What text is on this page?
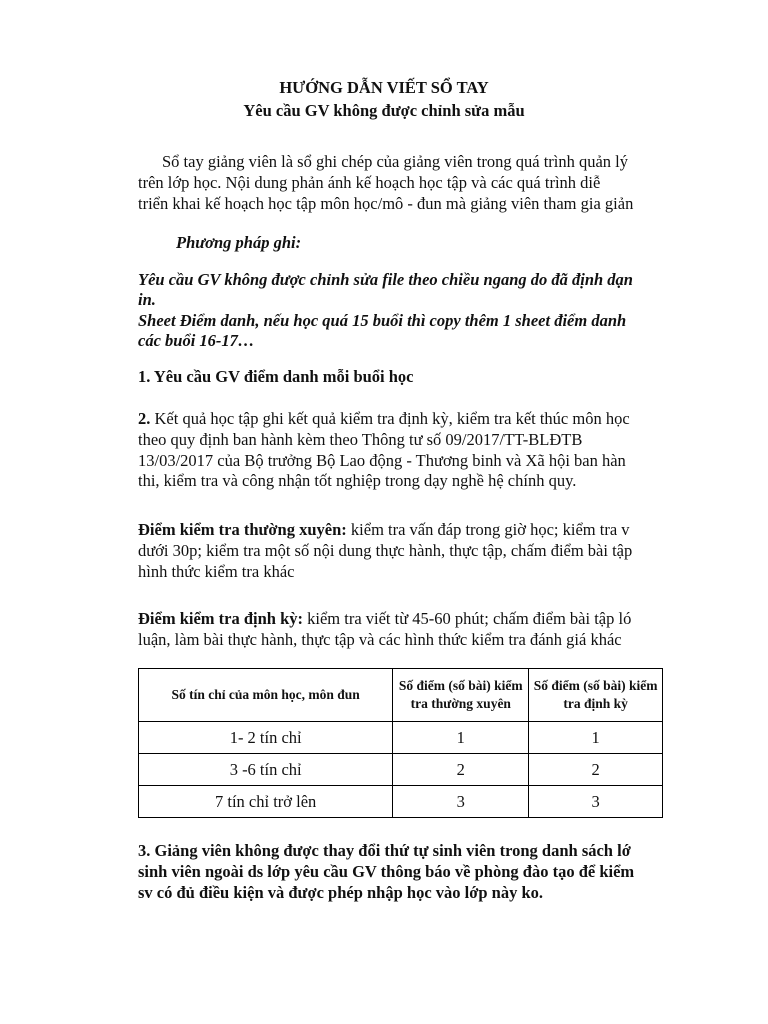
HƯỚNG DẪN VIẾT SỔ TAY
Yêu cầu GV không được chỉnh sửa mẫu
Sổ tay giảng viên là sổ ghi chép của giảng viên trong quá trình quản lý
trên lớp học. Nội dung phản ánh kế hoạch học tập và các quá trình diễ
triển khai kế hoạch học tập môn học/mô - đun mà giảng viên tham gia giản
Phương pháp ghi:
Yêu cầu GV không được chỉnh sửa file theo chiều ngang do đã định dạn
in.
Sheet Điểm danh, nếu học quá 15 buổi thì copy thêm 1 sheet điểm danh
các buổi 16-17…
1. Yêu cầu GV điểm danh mỗi buổi học
2. Kết quả học tập ghi kết quả kiểm tra định kỳ, kiểm tra kết thúc môn học
theo quy định ban hành kèm theo Thông tư số 09/2017/TT-BLĐTB
13/03/2017 của Bộ trưởng Bộ Lao động - Thương binh và Xã hội ban hàn
thi, kiểm tra và công nhận tốt nghiệp trong dạy nghề hệ chính quy.
Điểm kiểm tra thường xuyên: kiểm tra vấn đáp trong giờ học; kiểm tra v
dưới 30p; kiểm tra một số nội dung thực hành, thực tập, chấm điểm bài tập
hình thức kiểm tra khác
Điểm kiểm tra định kỳ: kiểm tra viết từ 45-60 phút; chấm điểm bài tập ló
luận, làm bài thực hành, thực tập và các hình thức kiểm tra đánh giá khác
Số tín chỉ của môn học, môn đun	Số điểm (số bài) kiểm tra thường xuyên	Số điểm (số bài) kiểm tra định kỳ
1- 2 tín chỉ	1	1
3 -6 tín chỉ	2	2
7 tín chỉ trở lên	3	3
3. Giảng viên không được thay đổi thứ tự sinh viên trong danh sách lớ
sinh viên ngoài ds lớp yêu cầu GV thông báo về phòng đào tạo để kiểm
sv có đủ điều kiện và được phép nhập học vào lớp này ko.
